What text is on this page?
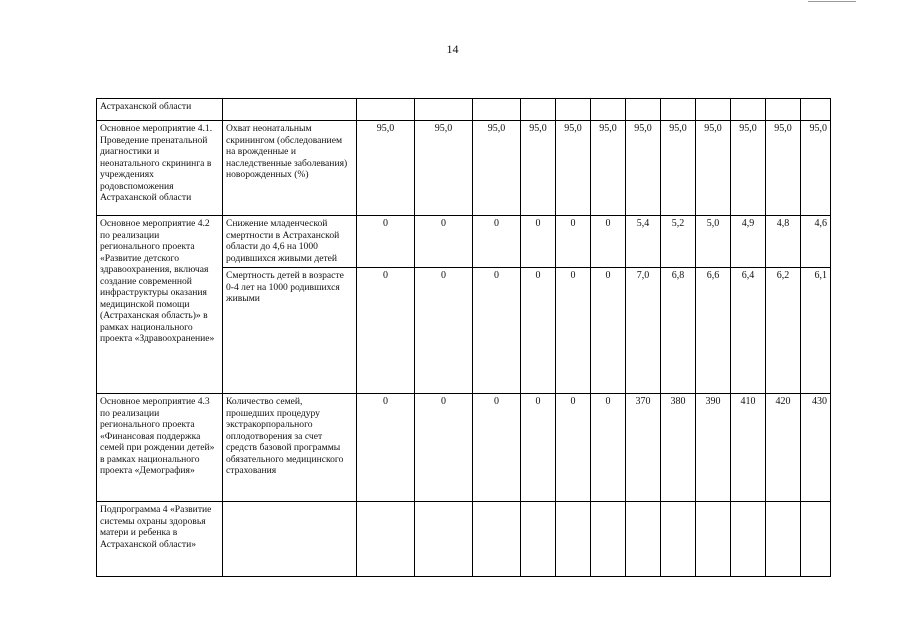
14
Астраханской области													
Основное мероприятие 4.1. Проведение пренатальной диагностики и неонатального скрининга в учреждениях родовспоможения Астраханской области	Охват неонатальным скринингом (обследованием на врожденные и наследственные заболевания) новорожденных (%)	95,0	95,0	95,0	95,0	95,0	95,0	95,0	95,0	95,0	95,0	95,0	95,0
Основное мероприятие 4.2 по реализации регионального проекта «Развитие детского здравоохранения, включая создание современной инфраструктуры оказания медицинской помощи (Астраханская область)» в рамках национального проекта «Здравоохранение»	Снижение младенческой смертности в Астраханской области до 4,6 на 1000 родившихся живыми детей	0	0	0	0	0	0	5,4	5,2	5,0	4,9	4,8	4,6
	Смертность детей в возрасте 0-4 лет на 1000 родившихся живыми	0	0	0	0	0	0	7,0	6,8	6,6	6,4	6,2	6,1
Основное мероприятие 4.3 по реализации регионального проекта «Финансовая поддержка семей при рождении детей» в рамках национального проекта «Демография»	Количество семей, прошедших процедуру экстракорпорального оплодотворения за счет средств базовой программы обязательного медицинского страхования	0	0	0	0	0	0	370	380	390	410	420	430
Подпрограмма 4 «Развитие системы охраны здоровья матери и ребенка в Астраханской области»													
